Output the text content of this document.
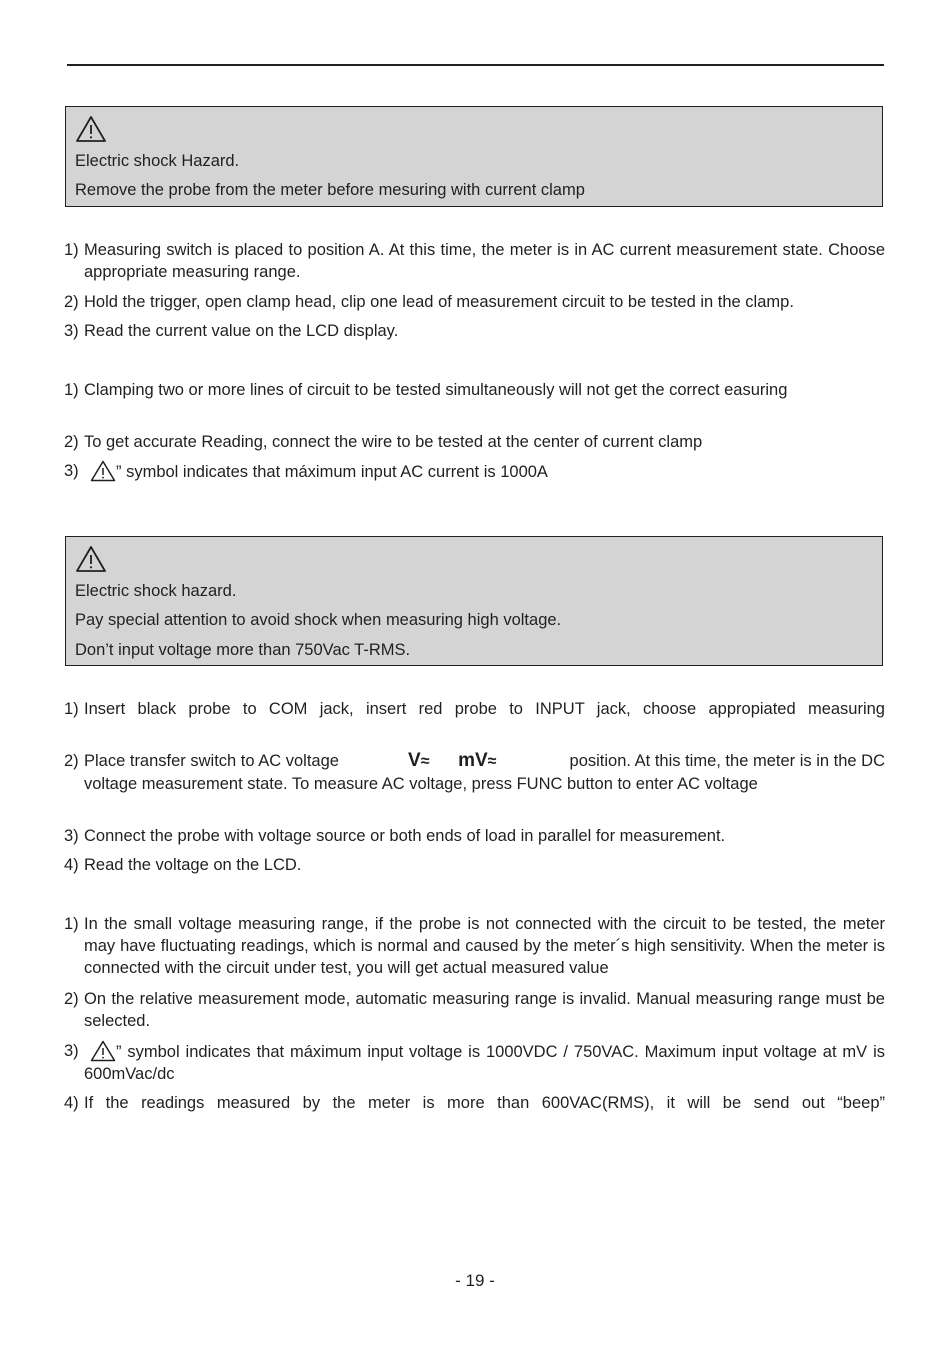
Electric shock Hazard.
Remove the probe from the meter before mesuring with current clamp
1) Measuring switch is placed to position A. At this time, the meter is in AC current measurement state. Choose appropriate measuring range.
2) Hold the trigger, open clamp head, clip one lead of measurement circuit to be tested in the clamp.
3) Read the current value on the LCD display.
1) Clamping two or more lines of circuit to be tested simultaneously will not get the correct easuring
2) To get accurate Reading, connect the wire to be tested at the center of current clamp
3)	” symbol indicates that máximum input AC current is 1000A
Electric shock hazard.
Pay special attention to avoid shock when measuring high voltage.
Don’t input voltage more than 750Vac T-RMS.
1) Insert black probe to COM jack, insert red probe to INPUT jack, choose appropiated measuring
2) Place transfer switch to AC voltage	V≈ mV≈	position. At this time, the meter is in the DC
voltage measurement state. To measure AC voltage, press FUNC button to enter AC voltage
3) Connect the probe with voltage source or both ends of load in parallel for measurement.
4) Read the voltage on the LCD.
1) In the small voltage measuring range, if the probe is not connected with the circuit to be tested, the meter may have fluctuating readings, which is normal and caused by the meter´s high sensitivity. When the meter is connected with the circuit under test, you will get actual measured value
2) On the relative measurement mode, automatic measuring range is invalid. Manual measuring range must be selected.
3)	” symbol indicates that máximum input voltage is 1000VDC / 750VAC. Maximum input voltage at mV is 600mVac/dc
4) If the readings measured by the meter is more than 600VAC(RMS), it will be send out “beep”
- 19 -
